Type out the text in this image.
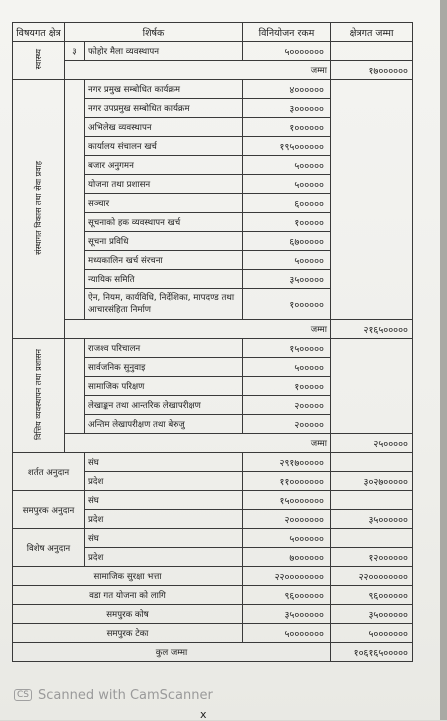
विषयगत क्षेत्र	शिर्षक		विनियोजन रकम	क्षेत्रगत जम्मा
स्वास्थ्य	३	फोहोर मैला व्यवस्थापन	५०००००००	
	जम्मा			१७००००००
संस्थागत विकास तथा सेवा प्रवाह		नगर प्रमुख सम्बोधित कार्यक्रम	४००००००	
		नगर उपप्रमुख सम्बोधित कार्यक्रम	३००००००	
		अभिलेख व्यवस्थापन	१००००००	
		कार्यालय संचालन खर्च	१९५००००००	
		बजार अनुगमन	५०००००	
		योजना तथा प्रशासन	५०००००	
		सञ्चार	६०००००	
		सूचनाको हक व्यवस्थापन खर्च	१०००००	
		सूचना प्रविधि	६७०००००	
		मध्यकालिन खर्च संरचना	५०००००	
		न्यायिक समिति	३५०००००	
		ऐन, नियम, कार्यविधि, निर्देशिका, मापदण्ड तथा आचारसंहिता निर्माण	१००००००	
	जम्मा			२१६५०००००
वित्तिय व्यवस्थापन तथा प्रशासन		राजश्व परिचालन	१५०००००	
		सार्वजनिक सुनुवाइ	५०००००	
		सामाजिक परिक्षण	१०००००	
		लेखाङ्कन तथा आन्तरिक लेखापरीक्षण	२०००००	
		अन्तिम लेखापरीक्षण तथा बेरुजु	२०००००	
	जम्मा			२५०००००
शर्तत अनुदान		संघ	२९१७०००००	
		प्रदेश	११०००००००	३०२७०००००
समपुरक अनुदान		संघ	१५०००००००	
		प्रदेश	२०००००००	३५००००००
विशेष अनुदान		संघ	५००००००	
		प्रदेश	७००००००	१२००००००
सामाजिक सुरक्षा भत्ता			२२००००००००	२२००००००००
वडा गत योजना को लागि			९६००००००	९६००००००
समपुरक कोष			३५००००००	३५००००००
समपुरक टेका			५०००००००	५०००००००
कुल जम्मा				१०६१६५०००००
CS Scanned with CamScanner
x
